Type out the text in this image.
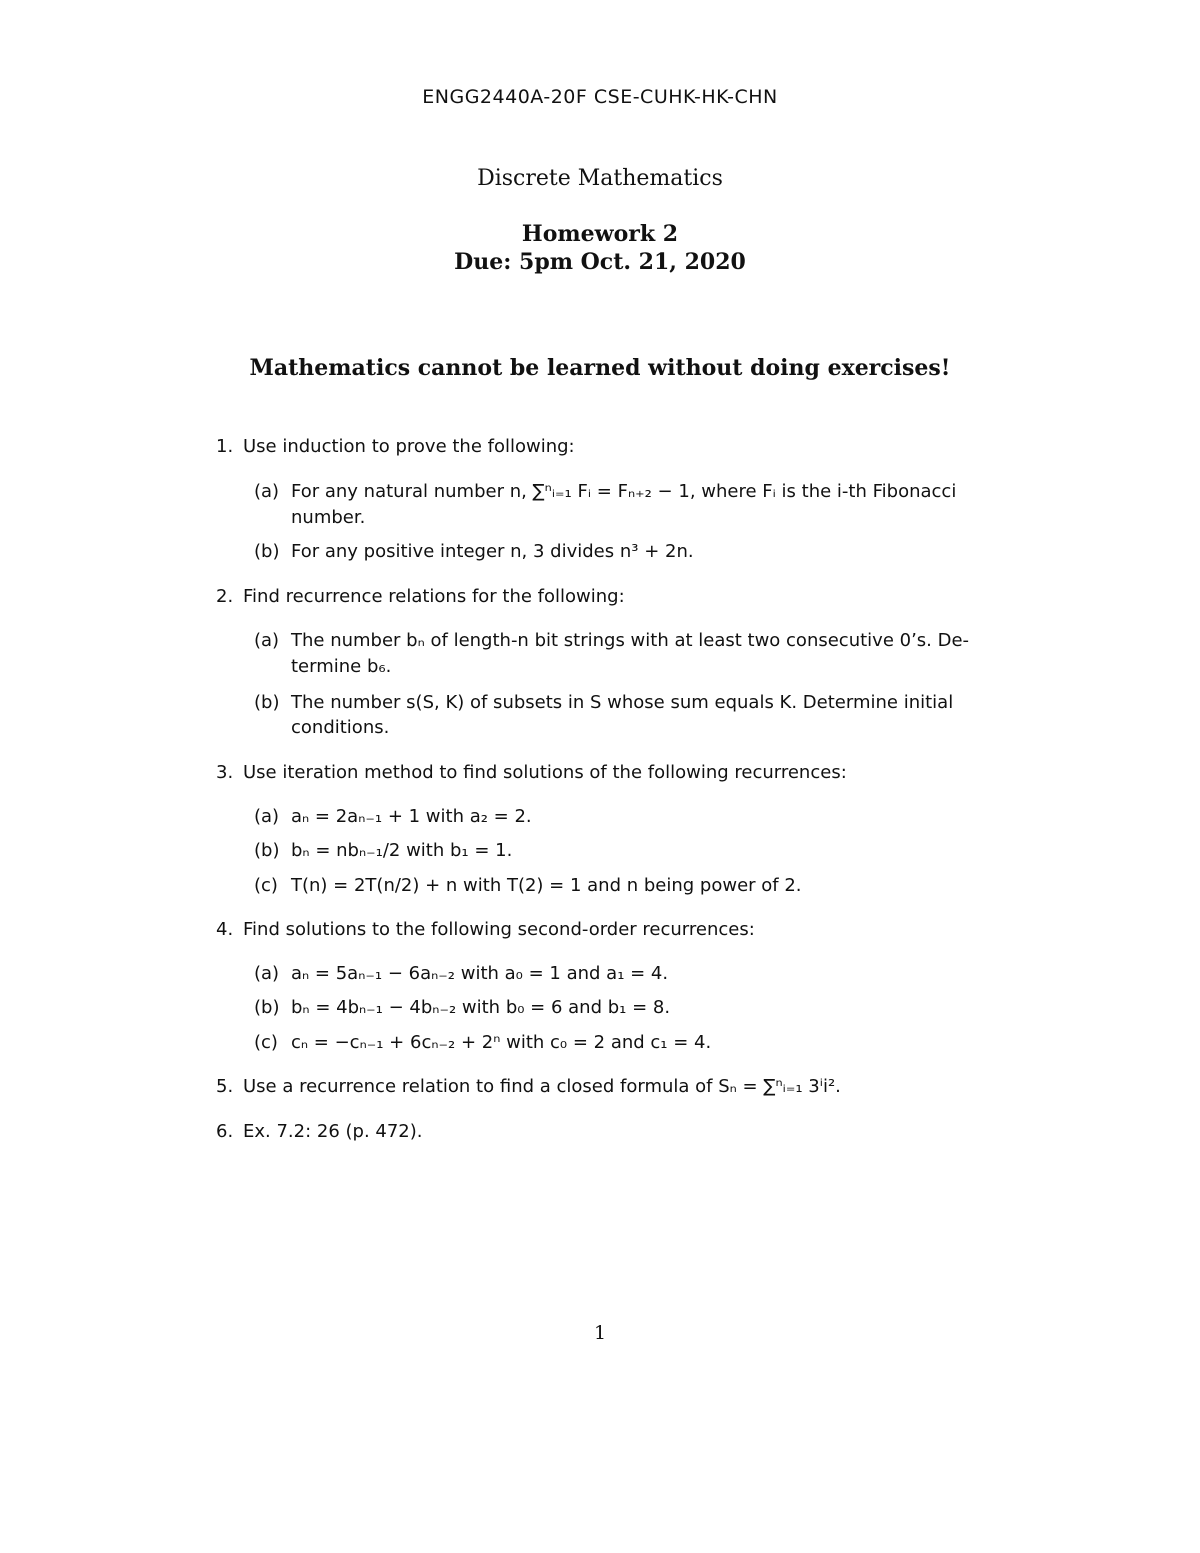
ENGG2440A-20F CSE-CUHK-HK-CHN
Discrete Mathematics
Homework 2
Due: 5pm Oct. 21, 2020
Mathematics cannot be learned without doing exercises!
1. Use induction to prove the following:
(a) For any natural number n, ∑ⁿᵢ₌₁ Fᵢ = Fₙ₊₂ − 1, where Fᵢ is the i-th Fibonacci
number.
(b) For any positive integer n, 3 divides n³ + 2n.
2. Find recurrence relations for the following:
(a) The number bₙ of length-n bit strings with at least two consecutive 0’s. De-
termine b₆.
(b) The number s(S, K) of subsets in S whose sum equals K. Determine initial
conditions.
3. Use iteration method to find solutions of the following recurrences:
(a) aₙ = 2aₙ₋₁ + 1 with a₂ = 2.
(b) bₙ = nbₙ₋₁/2 with b₁ = 1.
(c) T(n) = 2T(n/2) + n with T(2) = 1 and n being power of 2.
4. Find solutions to the following second-order recurrences:
(a) aₙ = 5aₙ₋₁ − 6aₙ₋₂ with a₀ = 1 and a₁ = 4.
(b) bₙ = 4bₙ₋₁ − 4bₙ₋₂ with b₀ = 6 and b₁ = 8.
(c) cₙ = −cₙ₋₁ + 6cₙ₋₂ + 2ⁿ with c₀ = 2 and c₁ = 4.
5. Use a recurrence relation to find a closed formula of Sₙ = ∑ⁿᵢ₌₁ 3ⁱi².
6. Ex. 7.2: 26 (p. 472).
1
